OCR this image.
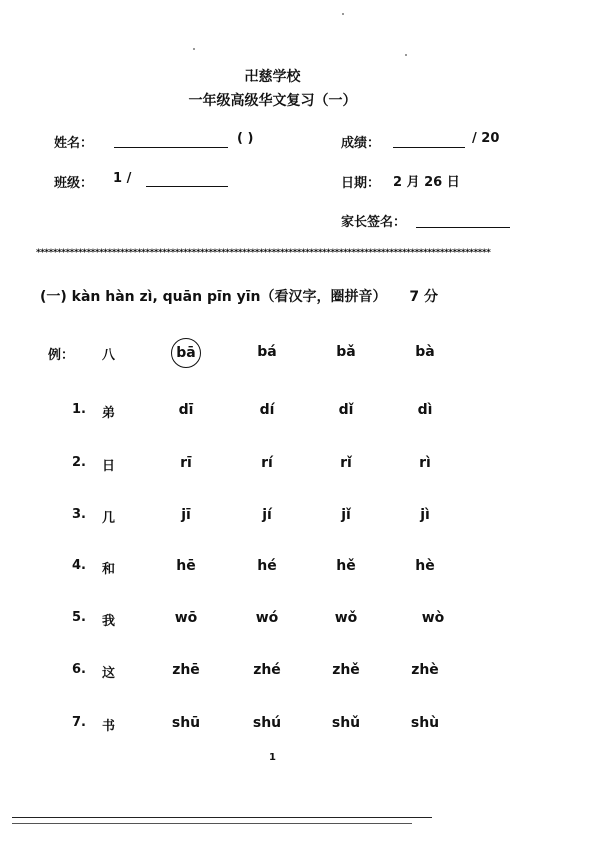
卍慈学校
一年级高级华文复习（一）
姓名：	( )	成绩：	/ 20
班级： 1 /	日期： 2 月 26 日
家长签名：
************************************************************************************************************
(一) kàn hàn zì, quān pīn yīn（看汉字，圈拼音） 7 分
例： 八	bā	bá	bǎ	bà
1. 弟	dī	dí	dǐ	dì
2. 日	rī	rí	rǐ	rì
3. 几	jī	jí	jǐ	jì
4. 和	hē	hé	hě	hè
5. 我	wō	wó	wǒ	wò
6. 这	zhē	zhé	zhě	zhè
7. 书	shū	shú	shǔ	shù
1
